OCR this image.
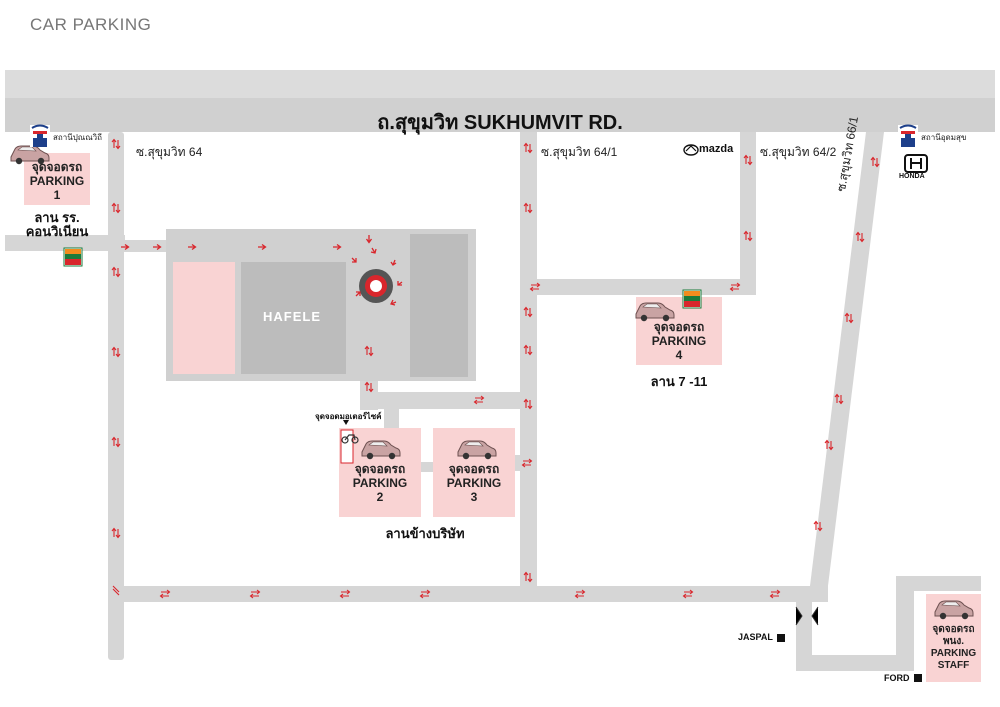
CAR PARKING
ถ.สุขุมวิท SUKHUMVIT RD.
ซ.สุขุมวิท 64	ซ.สุขุมวิท 64/1	ซ.สุขุมวิท 64/2
ซ.สุขุมวิท 66/1
สถานีปุณณวิถี	สถานีอุดมสุข
HAFELE
mazda
HONDA
จุดจอดรถ
PARKING
1
ลาน รร.
คอนวิเนียน
จุดจอดรถ
PARKING
2
จุดจอดรถ
PARKING
3
ลานข้างบริษัท
จุดจอดมอเตอร์ไซค์
จุดจอดรถ
PARKING
4
ลาน 7 -11
จุดจอดรถ
พนง.
PARKING
STAFF
JASPAL
FORD
